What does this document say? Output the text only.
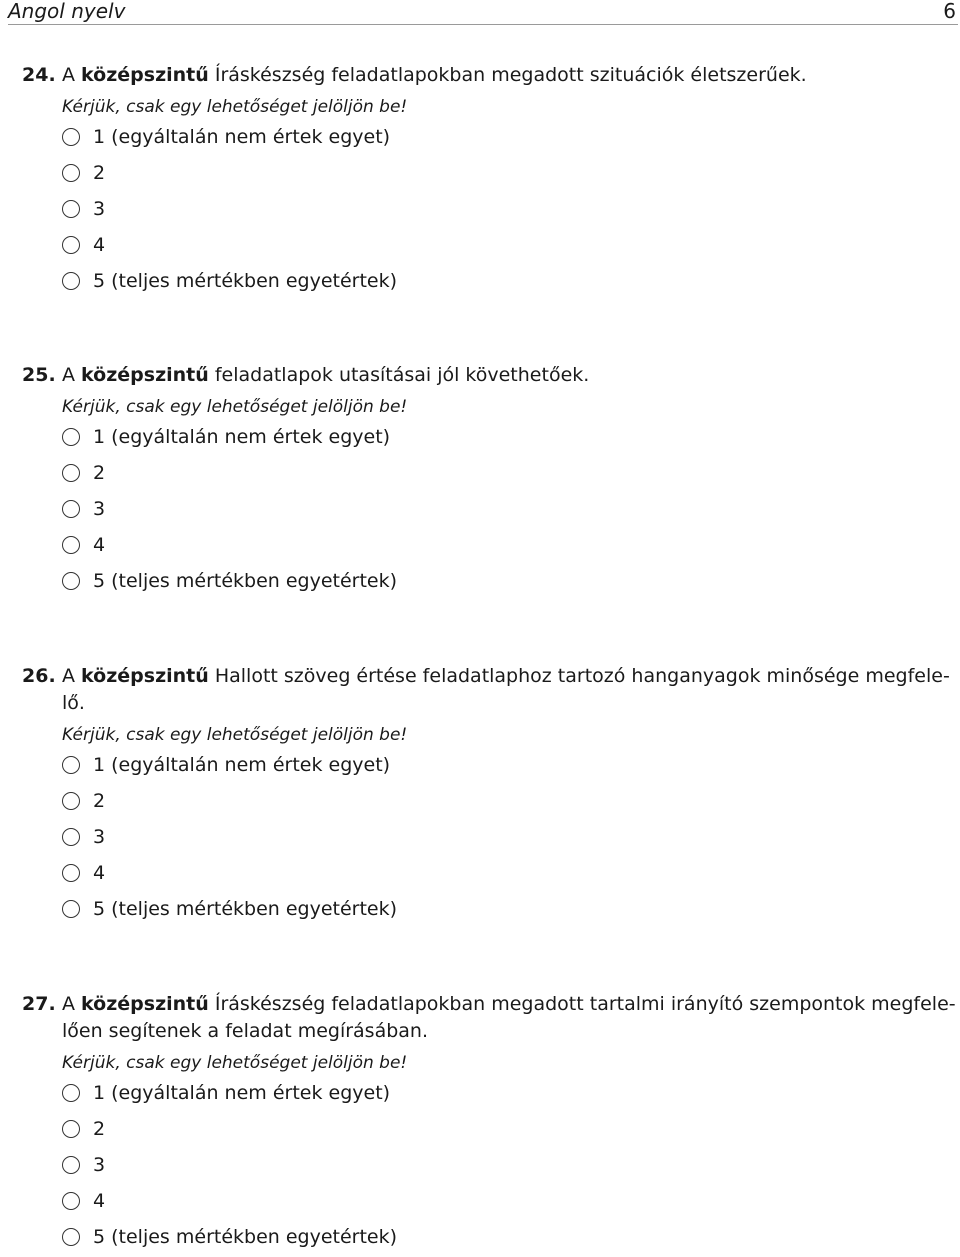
Angol nyelv	6
24. A középszintű Íráskészség feladatlapokban megadott szituációk életszerűek.
Kérjük, csak egy lehetőséget jelöljön be!
1 (egyáltalán nem értek egyet)
2
3
4
5 (teljes mértékben egyetértek)
25. A középszintű feladatlapok utasításai jól követhetőek.
Kérjük, csak egy lehetőséget jelöljön be!
1 (egyáltalán nem értek egyet)
2
3
4
5 (teljes mértékben egyetértek)
26. A középszintű Hallott szöveg értése feladatlaphoz tartozó hanganyagok minősége megfele-lő.
Kérjük, csak egy lehetőséget jelöljön be!
1 (egyáltalán nem értek egyet)
2
3
4
5 (teljes mértékben egyetértek)
27. A középszintű Íráskészség feladatlapokban megadott tartalmi irányító szempontok megfele-lően segítenek a feladat megírásában.
Kérjük, csak egy lehetőséget jelöljön be!
1 (egyáltalán nem értek egyet)
2
3
4
5 (teljes mértékben egyetértek)
